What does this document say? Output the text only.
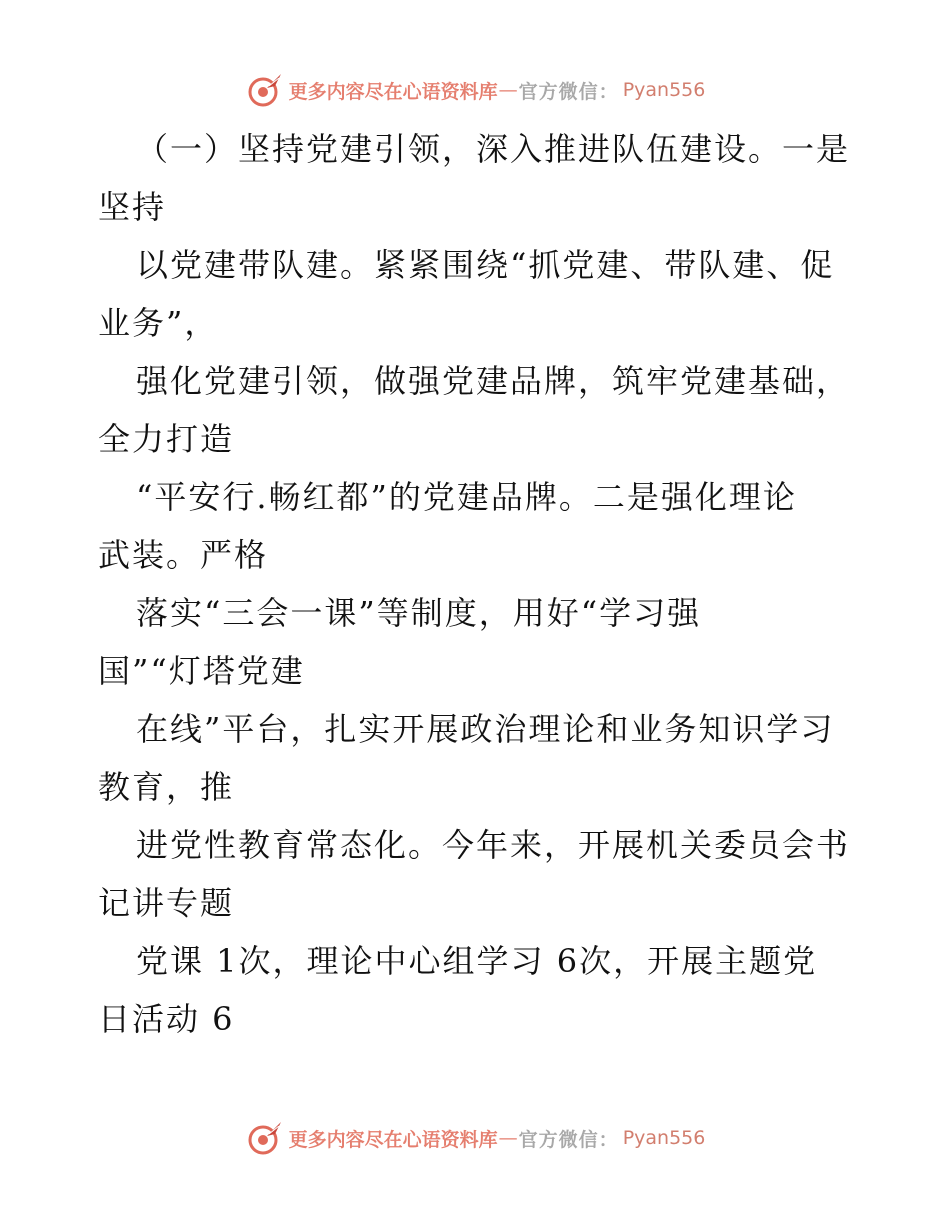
更多内容尽在心语资料库 — 官方微信： Pyan556
（一）坚持党建引领，深入推进队伍建设。一是
坚持
以党建带队建。紧紧围绕“抓党建、带队建、促
业务”，
强化党建引领，做强党建品牌，筑牢党建基础，
全力打造
“平安行.畅红都”的党建品牌。二是强化理论
武装。严格
落实“三会一课”等制度，用好“学习强
国”“灯塔党建
在线”平台，扎实开展政治理论和业务知识学习
教育，推
进党性教育常态化。今年来，开展机关委员会书
记讲专题
党课 1次，理论中心组学习 6次，开展主题党
日活动 6
更多内容尽在心语资料库 — 官方微信： Pyan556
